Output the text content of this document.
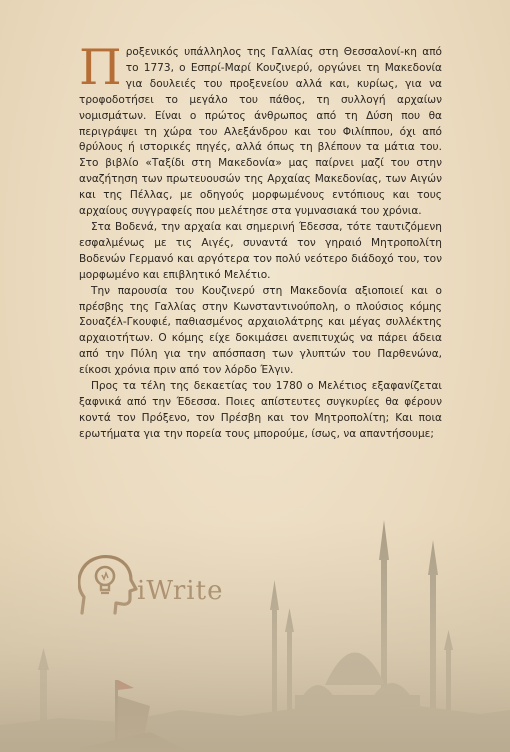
Προξενικός υπάλληλος της Γαλλίας στη Θεσσαλονί-κη από το 1773, ο Εσπρί-Μαρί Κουζινερύ, οργώνει τη Μακεδονία για δουλειές του προξενείου αλλά και, κυρίως, για να τροφοδοτήσει το μεγάλο του πάθος, τη συλλογή αρχαίων νομισμάτων. Είναι ο πρώτος άνθρωπος από τη Δύση που θα περιγράψει τη χώρα του Αλεξάνδρου και του Φιλίππου, όχι από θρύλους ή ιστορικές πηγές, αλλά όπως τη βλέπουν τα μάτια του. Στο βιβλίο «Ταξίδι στη Μακεδονία» μας παίρνει μαζί του στην αναζήτηση των πρωτευουσών της Αρχαίας Μακεδονίας, των Αιγών και της Πέλλας, με οδηγούς μορφωμένους εντόπιους και τους αρχαίους συγγραφείς που μελέτησε στα γυμνασιακά του χρόνια.

Στα Βοδενά, την αρχαία και σημερινή Έδεσσα, τότε ταυτιζόμενη εσφαλμένως με τις Αιγές, συναντά τον γηραιό Μητροπολίτη Βοδενών Γερμανό και αργότερα τον πολύ νεότερο διάδοχό του, τον μορφωμένο και επιβλητικό Μελέτιο.

Την παρουσία του Κουζινερύ στη Μακεδονία αξιοποιεί και ο πρέσβης της Γαλλίας στην Κωνσταντινούπολη, ο πλούσιος κόμης Σουαζέλ-Γκουφιέ, παθιασμένος αρχαιολάτρης και μέγας συλλέκτης αρχαιοτήτων. Ο κόμης είχε δοκιμάσει ανεπιτυχώς να πάρει άδεια από την Πύλη για την απόσπαση των γλυπτών του Παρθενώνα, είκοσι χρόνια πριν από τον λόρδο Έλγιν.

Προς τα τέλη της δεκαετίας του 1780 ο Μελέτιος εξαφανίζεται ξαφνικά από την Έδεσσα. Ποιες απίστευτες συγκυρίες θα φέρουν κοντά τον Πρόξενο, τον Πρέσβη και τον Μητροπολίτη; Και ποια ερωτήματα για την πορεία τους μπορούμε, ίσως, να απαντήσουμε;
